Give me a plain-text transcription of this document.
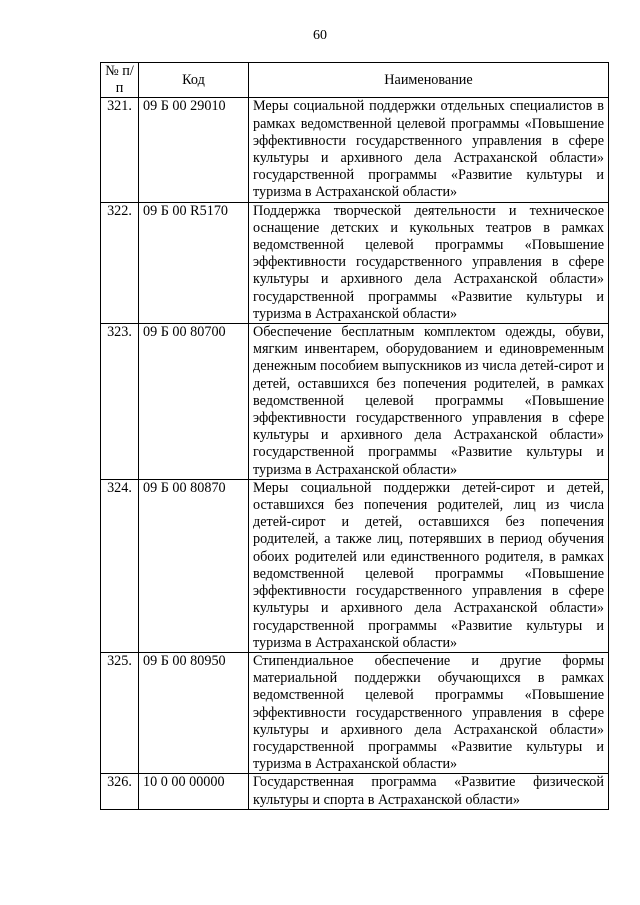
60
№ п/п	Код	Наименование
321.	09 Б 00 29010	Меры социальной поддержки отдельных специалистов в рамках ведомственной целевой программы «Повышение эффективности государственного управления в сфере культуры и архивного дела Астраханской области» государственной программы «Развитие культуры и туризма в Астраханской области»
322.	09 Б 00 R5170	Поддержка творческой деятельности и техническое оснащение детских и кукольных театров в рамках ведомственной целевой программы «Повышение эффективности государственного управления в сфере культуры и архивного дела Астраханской области» государственной программы «Развитие культуры и туризма в Астраханской области»
323.	09 Б 00 80700	Обеспечение бесплатным комплектом одежды, обуви, мягким инвентарем, оборудованием и единовременным денежным пособием выпускников из числа детей-сирот и детей, оставшихся без попечения родителей, в рамках ведомственной целевой программы «Повышение эффективности государственного управления в сфере культуры и архивного дела Астраханской области» государственной программы «Развитие культуры и туризма в Астраханской области»
324.	09 Б 00 80870	Меры социальной поддержки детей-сирот и детей, оставшихся без попечения родителей, лиц из числа детей-сирот и детей, оставшихся без попечения родителей, а также лиц, потерявших в период обучения обоих родителей или единственного родителя, в рамках ведомственной целевой программы «Повышение эффективности государственного управления в сфере культуры и архивного дела Астраханской области» государственной программы «Развитие культуры и туризма в Астраханской области»
325.	09 Б 00 80950	Стипендиальное обеспечение и другие формы материальной поддержки обучающихся в рамках ведомственной целевой программы «Повышение эффективности государственного управления в сфере культуры и архивного дела Астраханской области» государственной программы «Развитие культуры и туризма в Астраханской области»
326.	10 0 00 00000	Государственная программа «Развитие физической культуры и спорта в Астраханской области»
